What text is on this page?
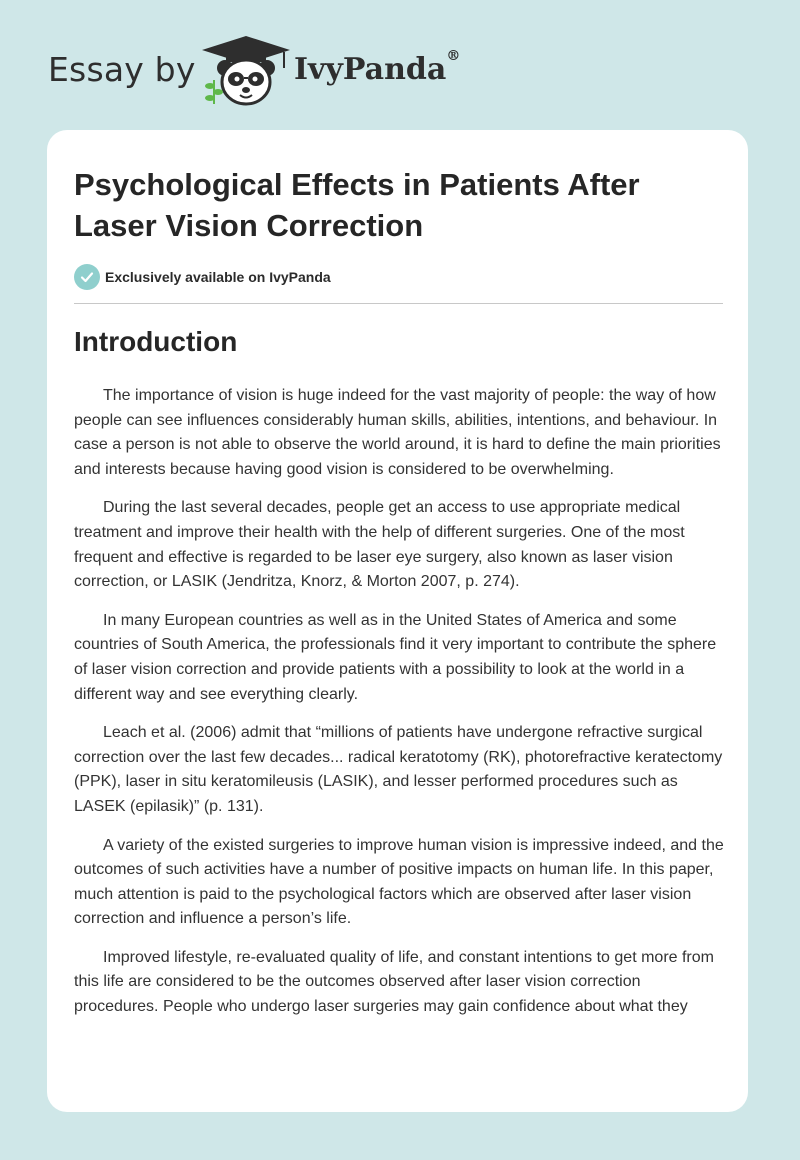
Essay by	IvyPanda®
Psychological Effects in Patients After Laser Vision Correction
Exclusively available on IvyPanda
Introduction

The importance of vision is huge indeed for the vast majority of people: the way of how people can see influences considerably human skills, abilities, intentions, and behaviour. In case a person is not able to observe the world around, it is hard to define the main priorities and interests because having good vision is considered to be overwhelming.

During the last several decades, people get an access to use appropriate medical treatment and improve their health with the help of different surgeries. One of the most frequent and effective is regarded to be laser eye surgery, also known as laser vision correction, or LASIK (Jendritza, Knorz, & Morton 2007, p. 274).

In many European countries as well as in the United States of America and some countries of South America, the professionals find it very important to contribute the sphere of laser vision correction and provide patients with a possibility to look at the world in a different way and see everything clearly.

Leach et al. (2006) admit that “millions of patients have undergone refractive surgical correction over the last few decades... radical keratotomy (RK), photorefractive keratectomy (PPK), laser in situ keratomileusis (LASIK), and lesser performed procedures such as LASEK (epilasik)” (p. 131).

A variety of the existed surgeries to improve human vision is impressive indeed, and the outcomes of such activities have a number of positive impacts on human life. In this paper, much attention is paid to the psychological factors which are observed after laser vision correction and influence a person’s life.

Improved lifestyle, re-evaluated quality of life, and constant intentions to get more from this life are considered to be the outcomes observed after laser vision correction procedures. People who undergo laser surgeries may gain confidence about what they
